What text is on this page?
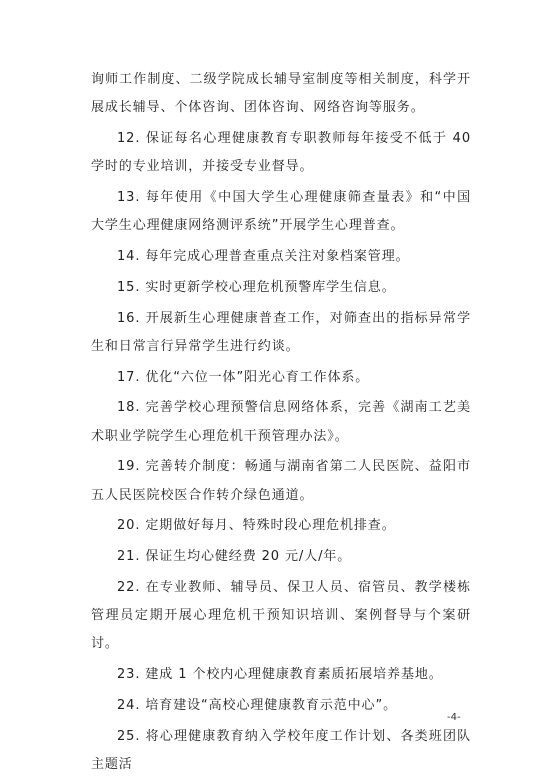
询师工作制度、二级学院成长辅导室制度等相关制度，科学开展成长辅导、个体咨询、团体咨询、网络咨询等服务。

12. 保证每名心理健康教育专职教师每年接受不低于 40 学时的专业培训，并接受专业督导。

13. 每年使用《中国大学生心理健康筛查量表》和“中国大学生心理健康网络测评系统”开展学生心理普查。

14. 每年完成心理普查重点关注对象档案管理。

15. 实时更新学校心理危机预警库学生信息。

16. 开展新生心理健康普查工作，对筛查出的指标异常学生和日常言行异常学生进行约谈。

17. 优化“六位一体”阳光心育工作体系。

18. 完善学校心理预警信息网络体系，完善《湖南工艺美术职业学院学生心理危机干预管理办法》。

19. 完善转介制度：畅通与湖南省第二人民医院、益阳市五人民医院校医合作转介绿色通道。

20. 定期做好每月、特殊时段心理危机排查。

21. 保证生均心健经费 20 元/人/年。

22. 在专业教师、辅导员、保卫人员、宿管员、教学楼栋管理员定期开展心理危机干预知识培训、案例督导与个案研讨。

23. 建成 1 个校内心理健康教育素质拓展培养基地。

24. 培育建设“高校心理健康教育示范中心”。

25. 将心理健康教育纳入学校年度工作计划、各类班团队主题活

-4-
